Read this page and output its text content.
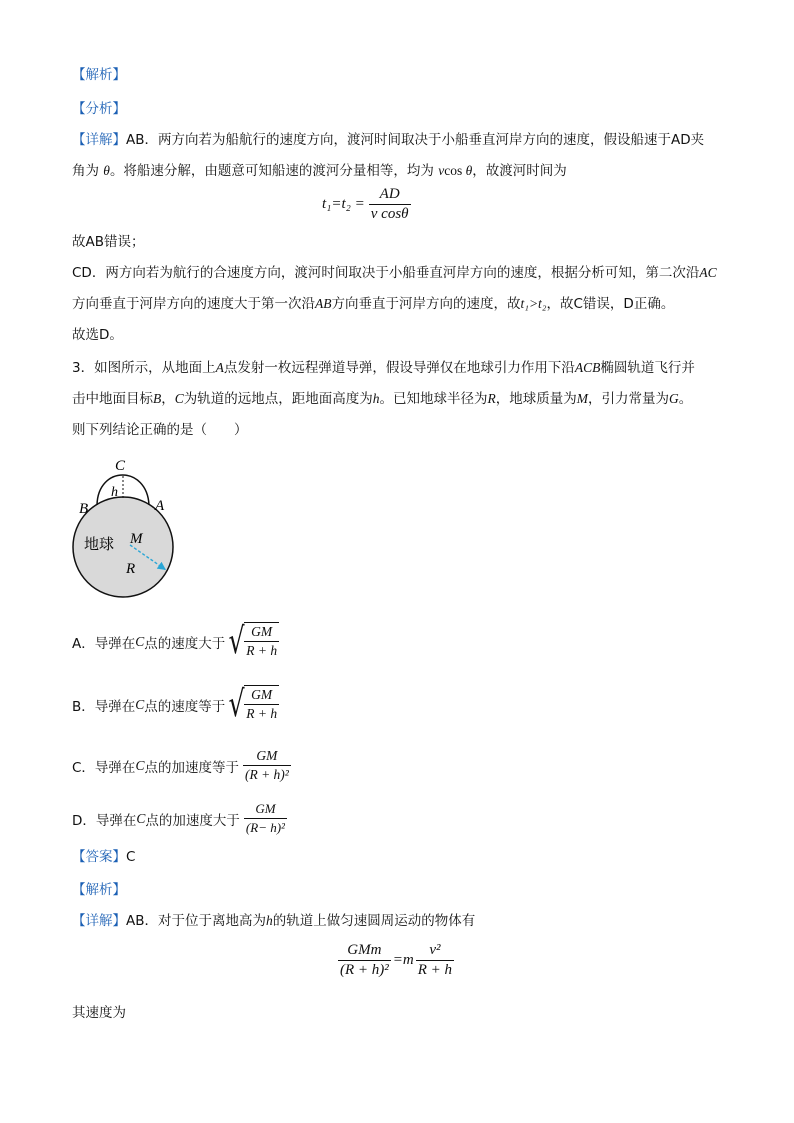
【解析】
【分析】
【详解】AB．两方向若为船航行的速度方向，渡河时间取决于小船垂直河岸方向的速度，假设船速于AD夹
角为 θ。将船速分解，由题意可知船速的渡河分量相等，均为 vcos θ，故渡河时间为
$t_1=t_2 = \frac{AD}{\text{v cosθ}}$
故AB错误；
CD．两方向若为航行的合速度方向，渡河时间取决于小船垂直河岸方向的速度，根据分析可知，第二次沿AC
方向垂直于河岸方向的速度大于第一次沿AB方向垂直于河岸方向的速度，故t₁>t₂，故C错误，D正确。
故选D。
3．如图所示，从地面上A点发射一枚远程弹道导弹，假设导弹仅在地球引力作用下沿ACB椭圆轨道飞行并
击中地面目标B，C为轨道的远地点，距地面高度为h。已知地球半径为R，地球质量为M，引力常量为G。
则下列结论正确的是（　　）
C
h
B	A
地球 M
R
A．导弹在 C 点的速度大于 √ $\frac{GM}{R + h}$
B．导弹在 C 点的速度等于 √ $\frac{GM}{R + h}$
C．导弹在 C 点的加速度等于 $\frac{GM}{\text{(R + h)²}}$
D．导弹在 C 点的加速度大于 $\frac{GM}{\text{(R− h)²}}$
【答案】C
【解析】
【详解】AB．对于位于离地高为h的轨道上做匀速圆周运动的物体有
$\frac{\text{GMm}}{\text{(R + h)²}} =m \frac{\text{v²}}{R + h}$
其速度为
